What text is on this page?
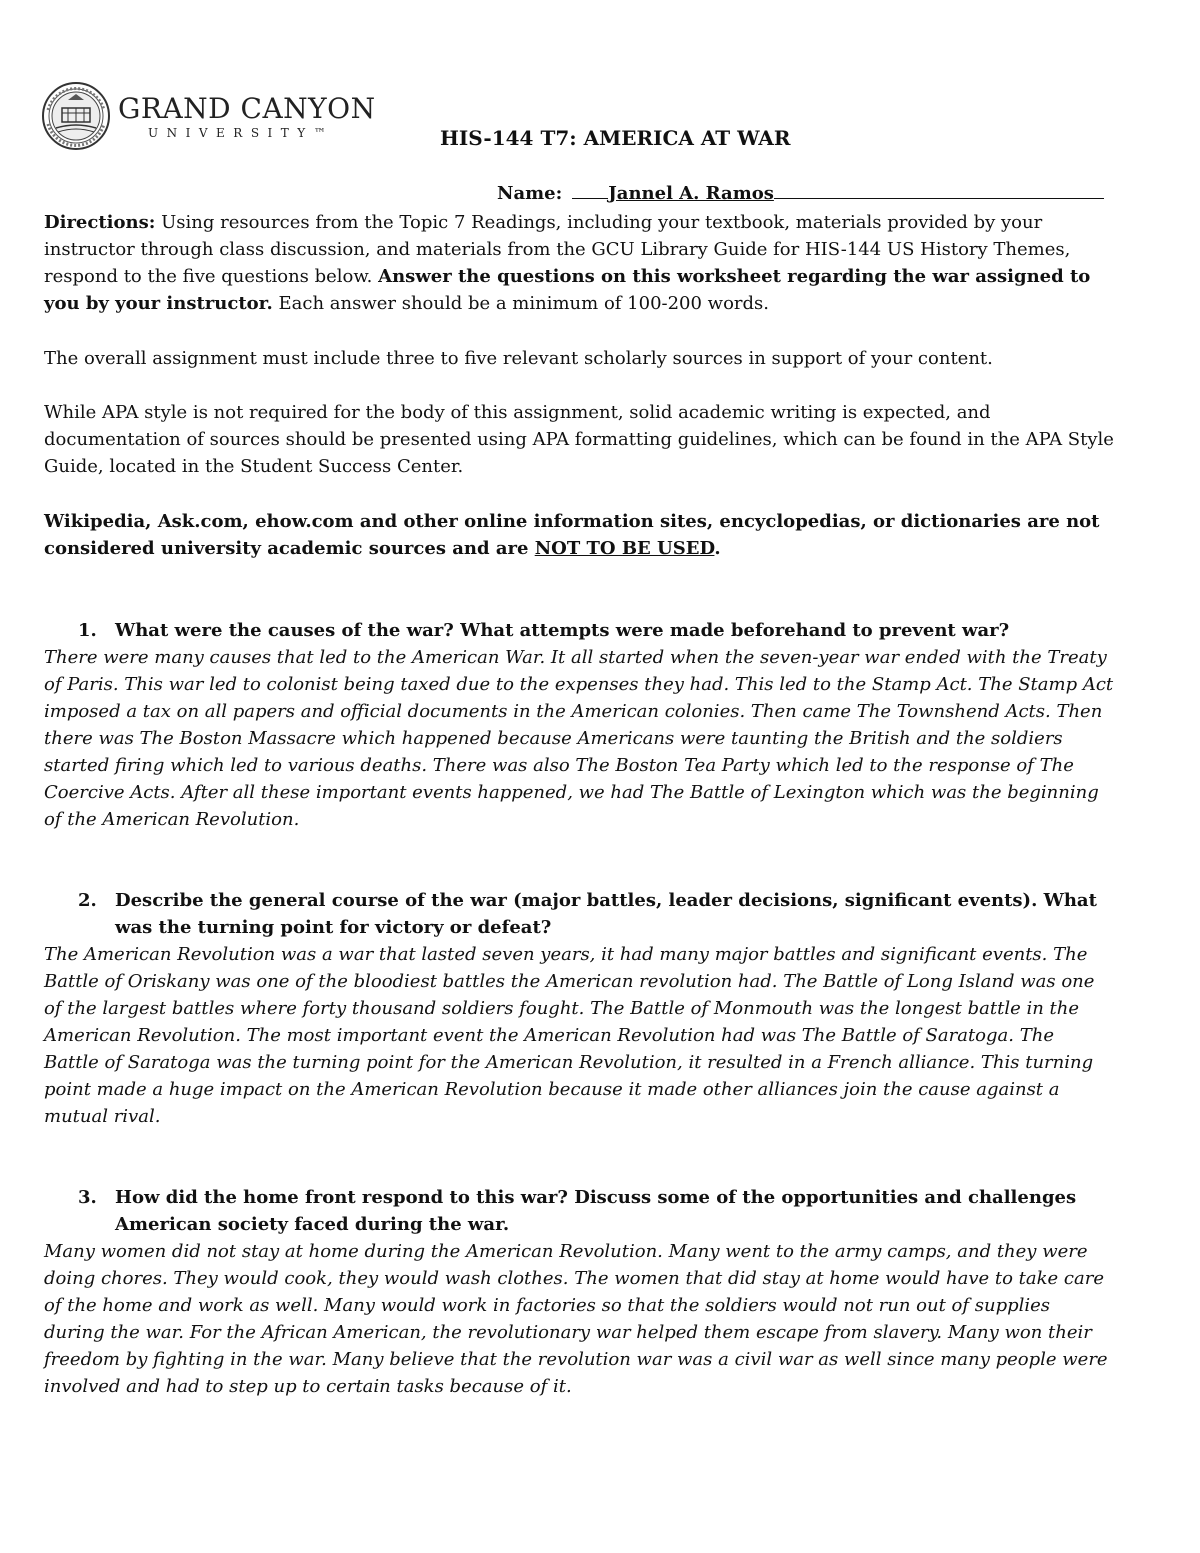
GRAND CANYON
UNIVERSITY™	HIS-144 T7: AMERICA AT WAR
Name:	Jannel A. Ramos

Directions: Using resources from the Topic 7 Readings, including your textbook, materials provided by your instructor through class discussion, and materials from the GCU Library Guide for HIS-144 US History Themes, respond to the five questions below. Answer the questions on this worksheet regarding the war assigned to you by your instructor. Each answer should be a minimum of 100-200 words.

The overall assignment must include three to five relevant scholarly sources in support of your content.

While APA style is not required for the body of this assignment, solid academic writing is expected, and documentation of sources should be presented using APA formatting guidelines, which can be found in the APA Style Guide, located in the Student Success Center.

Wikipedia, Ask.com, ehow.com and other online information sites, encyclopedias, or dictionaries are not considered university academic sources and are NOT TO BE USED.

1. What were the causes of the war? What attempts were made beforehand to prevent war?

There were many causes that led to the American War. It all started when the seven-year war ended with the Treaty of Paris. This war led to colonist being taxed due to the expenses they had. This led to the Stamp Act. The Stamp Act imposed a tax on all papers and official documents in the American colonies. Then came The Townshend Acts. Then there was The Boston Massacre which happened because Americans were taunting the British and the soldiers started firing which led to various deaths. There was also The Boston Tea Party which led to the response of The Coercive Acts. After all these important events happened, we had The Battle of Lexington which was the beginning of the American Revolution.

2. Describe the general course of the war (major battles, leader decisions, significant events). What was the turning point for victory or defeat?

The American Revolution was a war that lasted seven years, it had many major battles and significant events. The Battle of Oriskany was one of the bloodiest battles the American revolution had. The Battle of Long Island was one of the largest battles where forty thousand soldiers fought. The Battle of Monmouth was the longest battle in the American Revolution. The most important event the American Revolution had was The Battle of Saratoga. The Battle of Saratoga was the turning point for the American Revolution, it resulted in a French alliance. This turning point made a huge impact on the American Revolution because it made other alliances join the cause against a mutual rival.

3. How did the home front respond to this war? Discuss some of the opportunities and challenges American society faced during the war.

Many women did not stay at home during the American Revolution. Many went to the army camps, and they were doing chores. They would cook, they would wash clothes. The women that did stay at home would have to take care of the home and work as well. Many would work in factories so that the soldiers would not run out of supplies during the war. For the African American, the revolutionary war helped them escape from slavery. Many won their freedom by fighting in the war. Many believe that the revolution war was a civil war as well since many people were involved and had to step up to certain tasks because of it.
